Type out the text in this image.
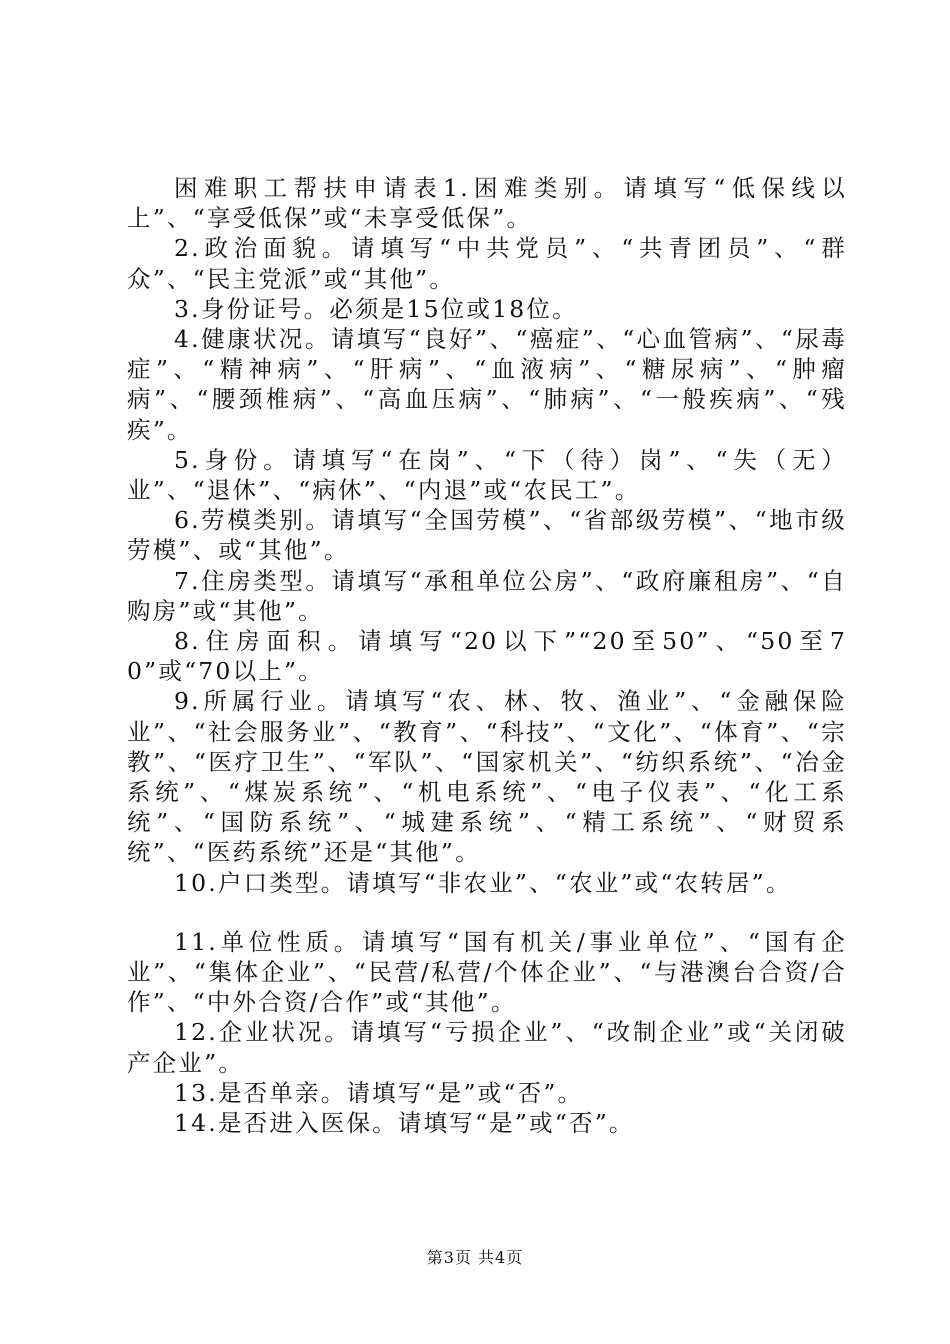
困难职工帮扶申请表1.困难类别。请填写“低保线以上”、“享受低保”或“未享受低保”。

2.政治面貌。请填写“中共党员”、“共青团员”、“群众”、“民主党派”或“其他”。

3.身份证号。必须是15位或18位。

4.健康状况。请填写“良好”、“癌症”、“心血管病”、“尿毒症”、“精神病”、“肝病”、“血液病”、“糖尿病”、“肿瘤病”、“腰颈椎病”、“高血压病”、“肺病”、“一般疾病”、“残疾”。

5.身份。请填写“在岗”、“下（待）岗”、“失（无）业”、“退休”、“病休”、“内退”或“农民工”。

6.劳模类别。请填写“全国劳模”、“省部级劳模”、“地市级劳模”、或“其他”。

7.住房类型。请填写“承租单位公房”、“政府廉租房”、“自购房”或“其他”。

8.住房面积。请填写“20以下”“20至50”、“50至70”或“70以上”。

9.所属行业。请填写“农、林、牧、渔业”、“金融保险业”、“社会服务业”、“教育”、“科技”、“文化”、“体育”、“宗教”、“医疗卫生”、“军队”、“国家机关”、“纺织系统”、“冶金系统”、“煤炭系统”、“机电系统”、“电子仪表”、“化工系统”、“国防系统”、“城建系统”、“精工系统”、“财贸系统”、“医药系统”还是“其他”。

10.户口类型。请填写“非农业”、“农业”或“农转居”。

11.单位性质。请填写“国有机关/事业单位”、“国有企业”、“集体企业”、“民营/私营/个体企业”、“与港澳台合资/合作”、“中外合资/合作”或“其他”。

12.企业状况。请填写“亏损企业”、“改制企业”或“关闭破产企业”。

13.是否单亲。请填写“是”或“否”。

14.是否进入医保。请填写“是”或“否”。

第3页 共4页
